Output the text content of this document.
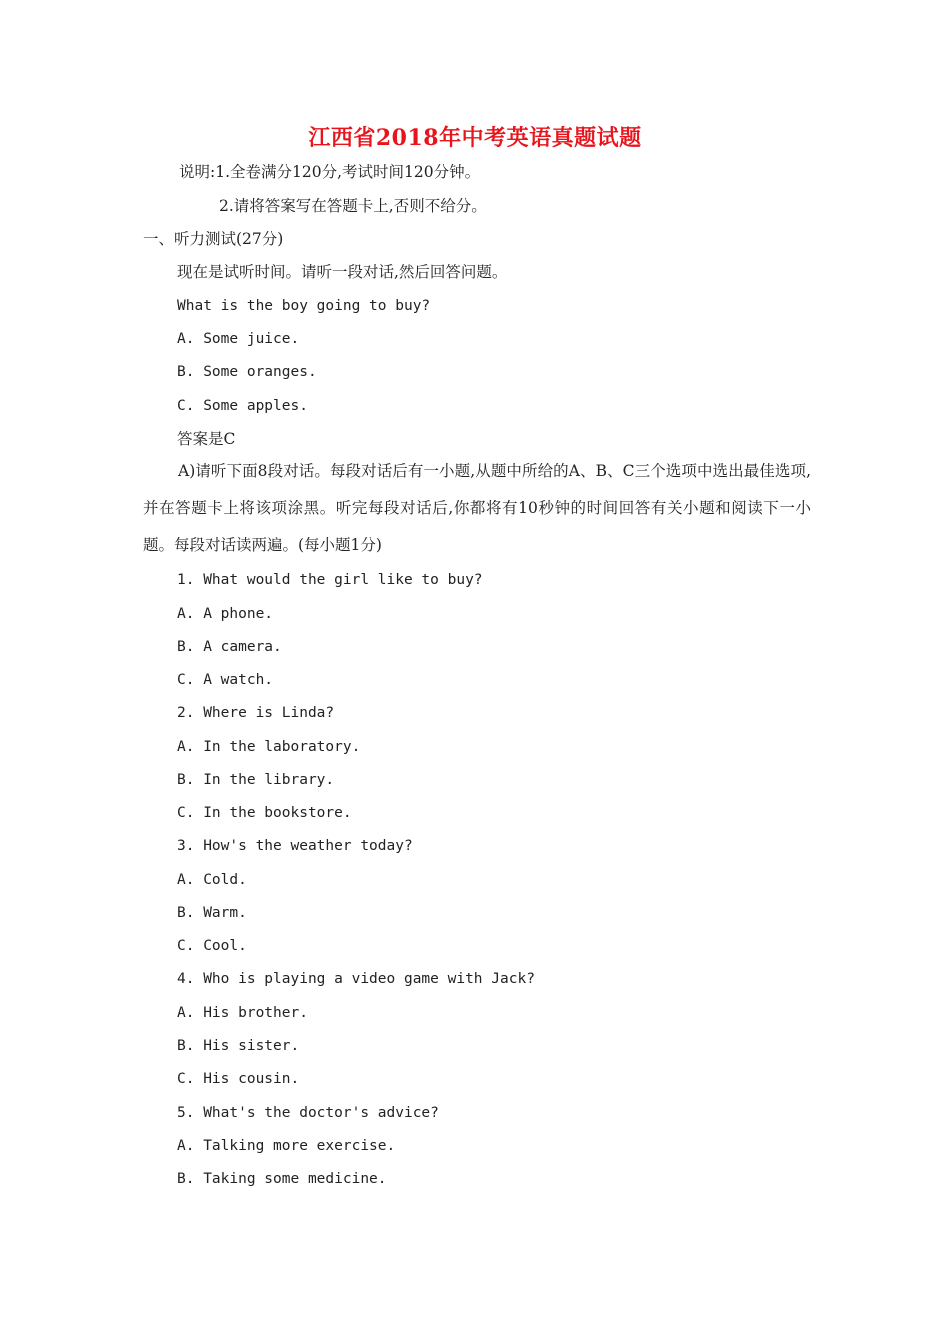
江西省2018年中考英语真题试题
说明:1.全卷满分120分,考试时间120分钟。
2.请将答案写在答题卡上,否则不给分。
一、听力测试(27分)
现在是试听时间。请听一段对话,然后回答问题。
What is the boy going to buy?
A. Some juice.
B. Some oranges.
C. Some apples.
答案是C
A)请听下面8段对话。每段对话后有一小题,从题中所给的A、B、C三个选项中选出最佳选项,并在答题卡上将该项涂黑。听完每段对话后,你都将有10秒钟的时间回答有关小题和阅读下一小题。每段对话读两遍。(每小题1分)
1. What would the girl like to buy?
A. A phone.
B. A camera.
C. A watch.
2. Where is Linda?
A. In the laboratory.
B. In the library.
C. In the bookstore.
3. How's the weather today?
A. Cold.
B. Warm.
C. Cool.
4. Who is playing a video game with Jack?
A. His brother.
B. His sister.
C. His cousin.
5. What's the doctor's advice?
A. Talking more exercise.
B. Taking some medicine.
